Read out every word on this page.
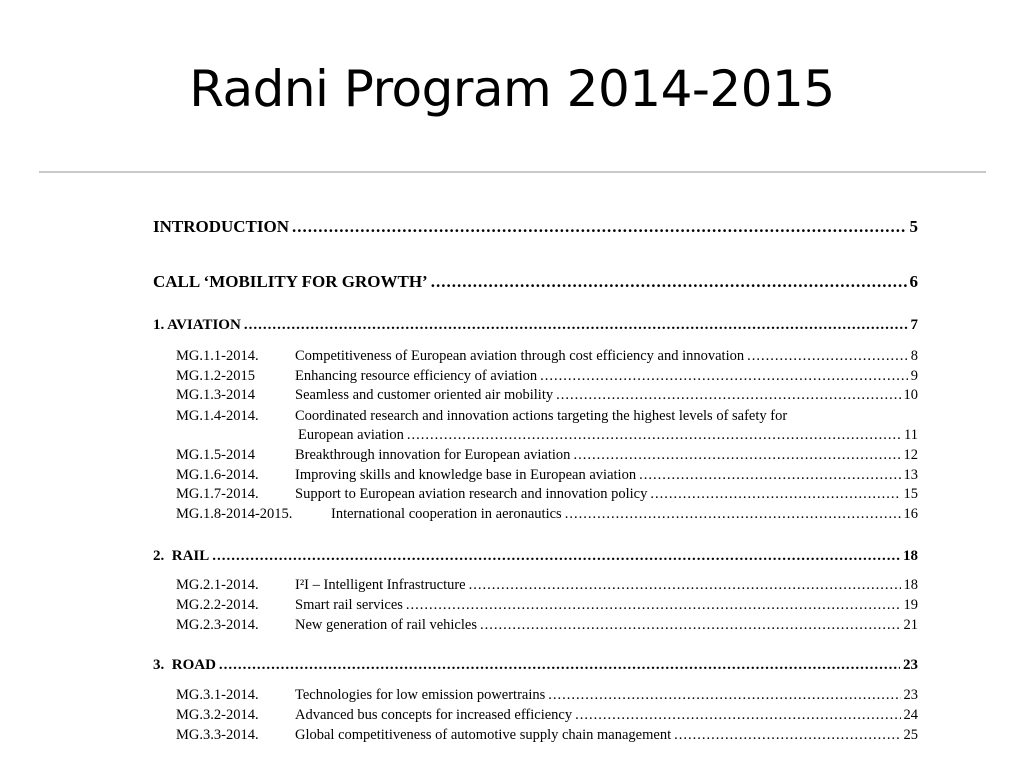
Radni Program 2014-2015
INTRODUCTION .....	5
CALL ‘MOBILITY FOR GROWTH’ .....	6
1. AVIATION .....	7
MG.1.1-2014.	Competitiveness of European aviation through cost efficiency and innovation .....	8
MG.1.2-2015	Enhancing resource efficiency of aviation .....	9
MG.1.3-2014	Seamless and customer oriented air mobility .....	10
MG.1.4-2014.	Coordinated research and innovation actions targeting the highest levels of safety for
European aviation .....	11
MG.1.5-2014	Breakthrough innovation for European aviation .....	12
MG.1.6-2014.	Improving skills and knowledge base in European aviation .....	13
MG.1.7-2014.	Support to European aviation research and innovation policy .....	15
MG.1.8-2014-2015.	International cooperation in aeronautics .....	16
2.  RAIL .....	18
MG.2.1-2014.	I²I – Intelligent Infrastructure .....	18
MG.2.2-2014.	Smart rail services .....	19
MG.2.3-2014.	New generation of rail vehicles .....	21
3.  ROAD .....	23
MG.3.1-2014.	Technologies for low emission powertrains .....	23
MG.3.2-2014.	Advanced bus concepts for increased efficiency .....	24
MG.3.3-2014.	Global competitiveness of automotive supply chain management .....	25
